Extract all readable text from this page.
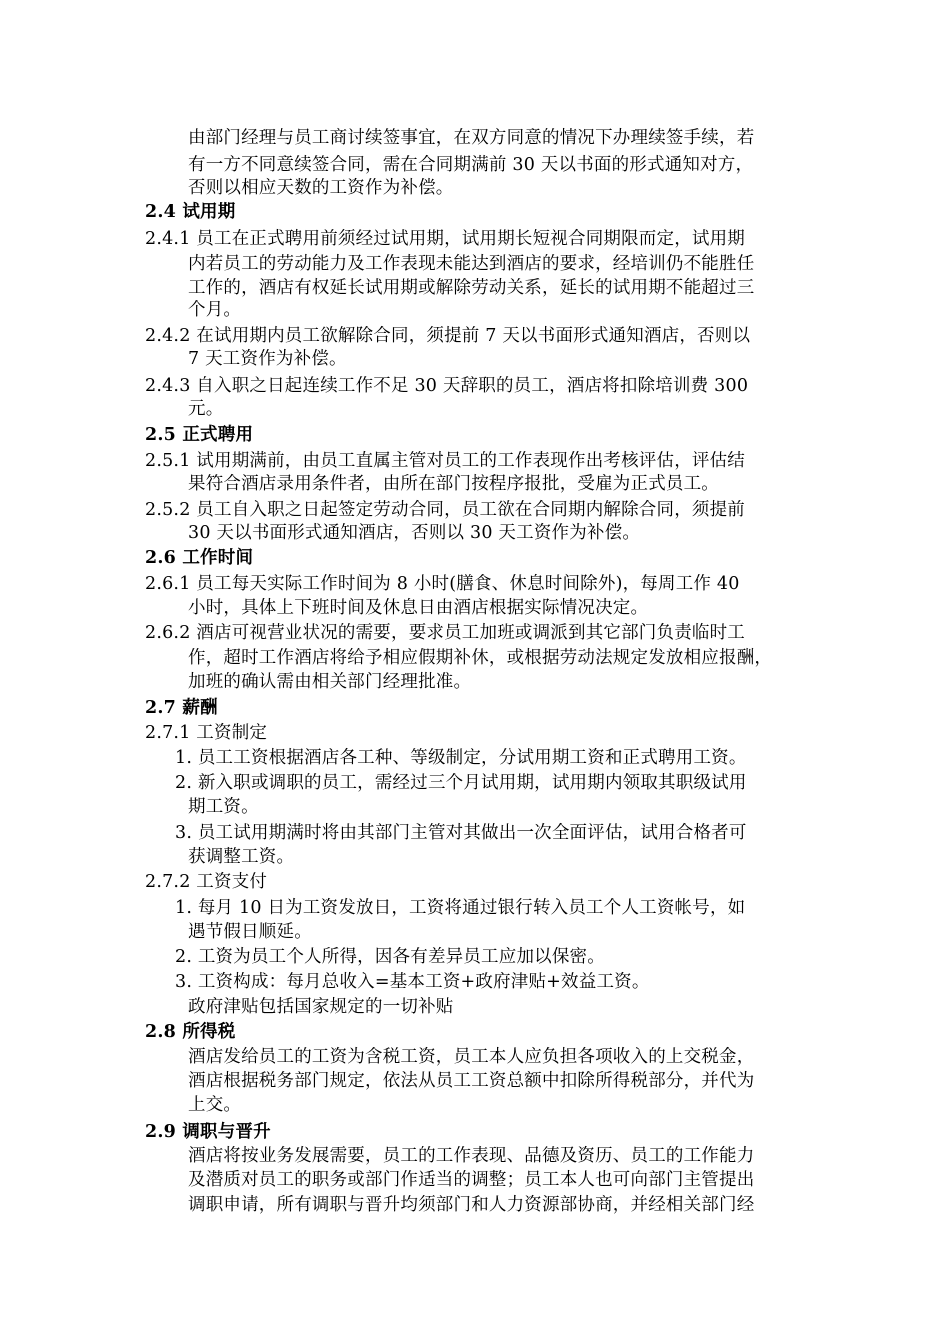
由部门经理与员工商讨续签事宜，在双方同意的情况下办理续签手续，若
有一方不同意续签合同，需在合同期满前 30 天以书面的形式通知对方，
否则以相应天数的工资作为补偿。
2.4 试用期
2.4.1 员工在正式聘用前须经过试用期，试用期长短视合同期限而定，试用期
内若员工的劳动能力及工作表现未能达到酒店的要求，经培训仍不能胜任
工作的，酒店有权延长试用期或解除劳动关系，延长的试用期不能超过三
个月。
2.4.2 在试用期内员工欲解除合同，须提前 7 天以书面形式通知酒店，否则以
7 天工资作为补偿。
2.4.3 自入职之日起连续工作不足 30 天辞职的员工，酒店将扣除培训费 300
元。
2.5 正式聘用
2.5.1 试用期满前，由员工直属主管对员工的工作表现作出考核评估，评估结
果符合酒店录用条件者，由所在部门按程序报批，受雇为正式员工。
2.5.2 员工自入职之日起签定劳动合同，员工欲在合同期内解除合同，须提前
30 天以书面形式通知酒店，否则以 30 天工资作为补偿。
2.6 工作时间
2.6.1 员工每天实际工作时间为 8 小时(膳食、休息时间除外)，每周工作 40
小时，具体上下班时间及休息日由酒店根据实际情况决定。
2.6.2 酒店可视营业状况的需要，要求员工加班或调派到其它部门负责临时工
作，超时工作酒店将给予相应假期补休，或根据劳动法规定发放相应报酬，
加班的确认需由相关部门经理批准。
2.7 薪酬
2.7.1 工资制定
1. 员工工资根据酒店各工种、等级制定，分试用期工资和正式聘用工资。
2. 新入职或调职的员工，需经过三个月试用期，试用期内领取其职级试用
期工资。
3. 员工试用期满时将由其部门主管对其做出一次全面评估，试用合格者可
获调整工资。
2.7.2 工资支付
1. 每月 10 日为工资发放日，工资将通过银行转入员工个人工资帐号，如
遇节假日顺延。
2. 工资为员工个人所得，因各有差异员工应加以保密。
3. 工资构成：每月总收入=基本工资+政府津贴+效益工资。
政府津贴包括国家规定的一切补贴
2.8 所得税
酒店发给员工的工资为含税工资，员工本人应负担各项收入的上交税金，
酒店根据税务部门规定，依法从员工工资总额中扣除所得税部分，并代为
上交。
2.9 调职与晋升
酒店将按业务发展需要，员工的工作表现、品德及资历、员工的工作能力
及潜质对员工的职务或部门作适当的调整；员工本人也可向部门主管提出
调职申请，所有调职与晋升均须部门和人力资源部协商，并经相关部门经
